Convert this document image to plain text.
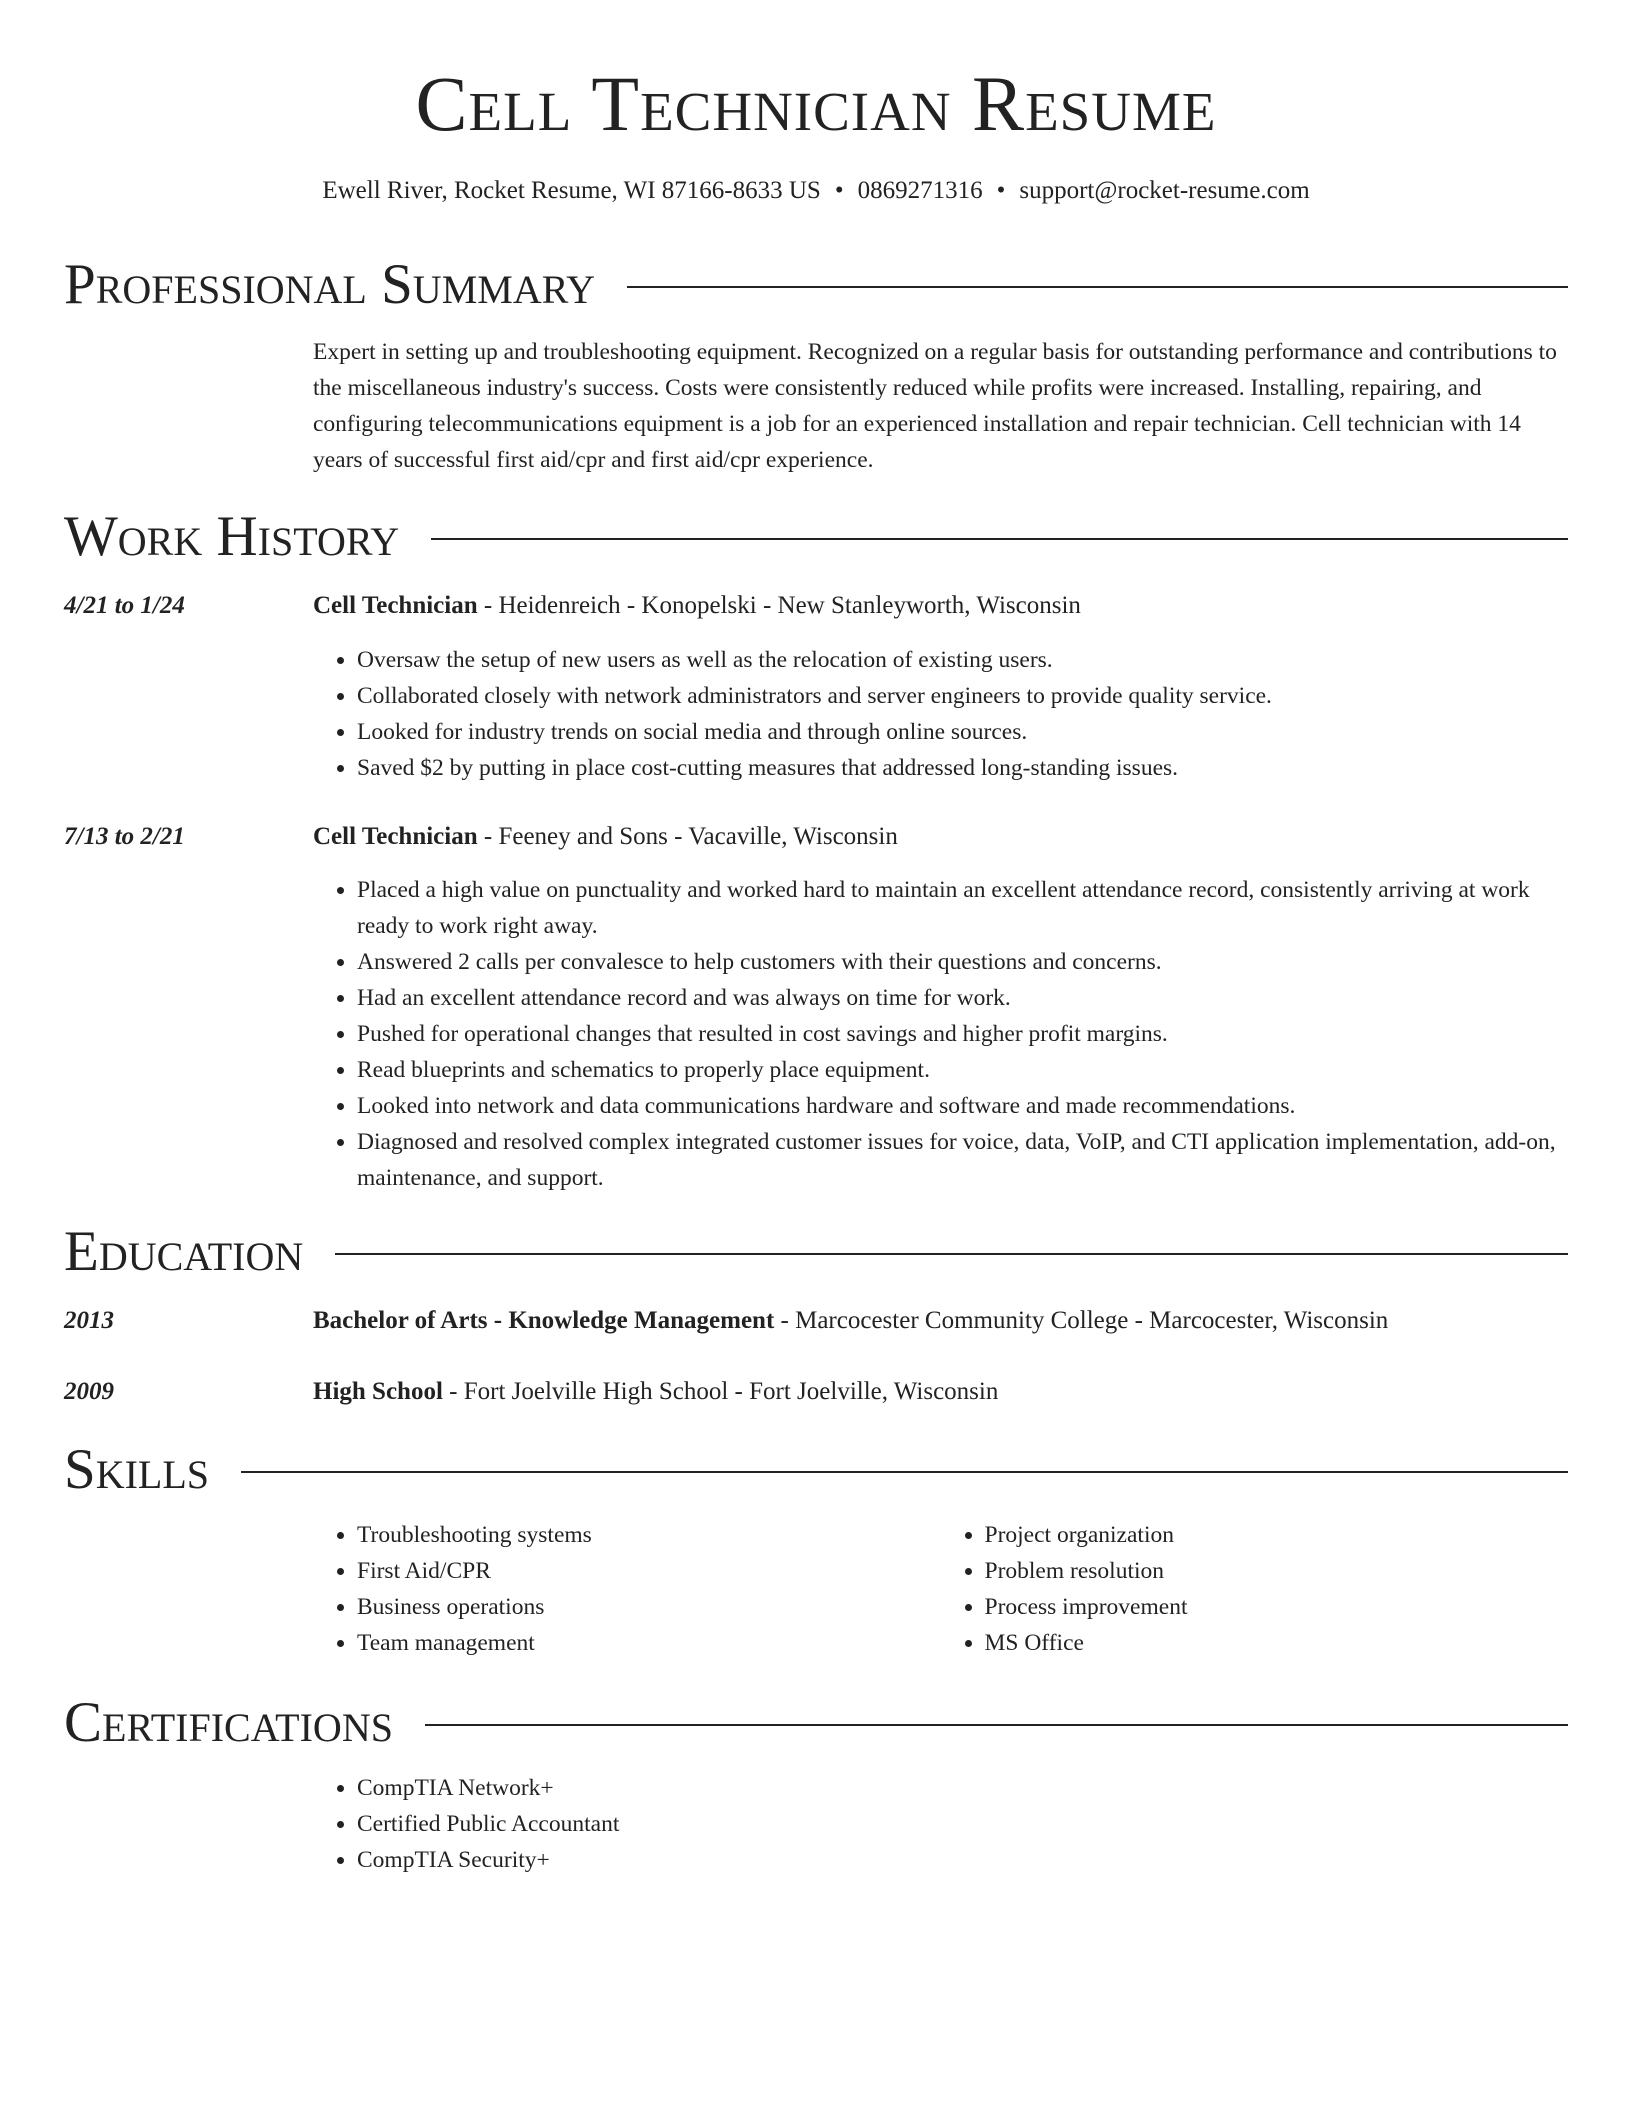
Cell Technician Resume
Ewell River, Rocket Resume, WI 87166-8633 US • 0869271316 • support@rocket-resume.com
Professional Summary
Expert in setting up and troubleshooting equipment. Recognized on a regular basis for outstanding performance and contributions to the miscellaneous industry's success. Costs were consistently reduced while profits were increased. Installing, repairing, and configuring telecommunications equipment is a job for an experienced installation and repair technician. Cell technician with 14 years of successful first aid/cpr and first aid/cpr experience.
Work History
4/21 to 1/24	Cell Technician - Heidenreich - Konopelski - New Stanleyworth, Wisconsin
• Oversaw the setup of new users as well as the relocation of existing users.
• Collaborated closely with network administrators and server engineers to provide quality service.
• Looked for industry trends on social media and through online sources.
• Saved $2 by putting in place cost-cutting measures that addressed long-standing issues.
7/13 to 2/21	Cell Technician - Feeney and Sons - Vacaville, Wisconsin
• Placed a high value on punctuality and worked hard to maintain an excellent attendance record, consistently arriving at work ready to work right away.
• Answered 2 calls per convalesce to help customers with their questions and concerns.
• Had an excellent attendance record and was always on time for work.
• Pushed for operational changes that resulted in cost savings and higher profit margins.
• Read blueprints and schematics to properly place equipment.
• Looked into network and data communications hardware and software and made recommendations.
• Diagnosed and resolved complex integrated customer issues for voice, data, VoIP, and CTI application implementation, add-on, maintenance, and support.
Education
2013	Bachelor of Arts - Knowledge Management - Marcocester Community College - Marcocester, Wisconsin
2009	High School - Fort Joelville High School - Fort Joelville, Wisconsin
Skills
• Troubleshooting systems
• First Aid/CPR
• Business operations
• Team management
• Project organization
• Problem resolution
• Process improvement
• MS Office
Certifications
• CompTIA Network+
• Certified Public Accountant
• CompTIA Security+
